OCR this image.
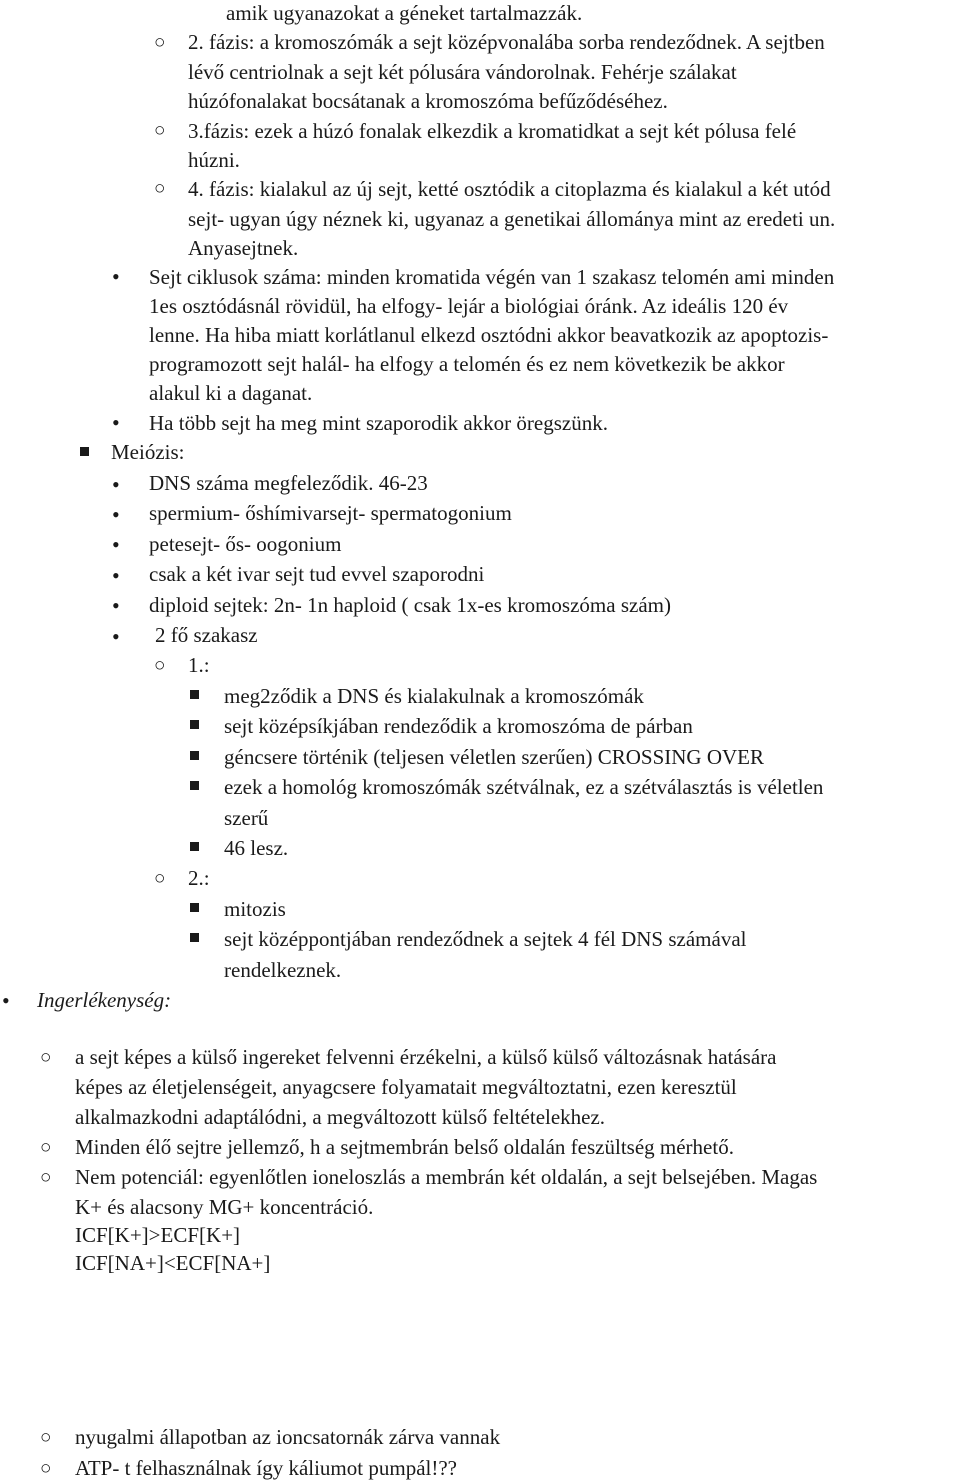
○
○
○
•
•
•
•
•
•
•
•
○
○
•
○
○
○
○
○
amik ugyanazokat a géneket tartalmazzák.
2. fázis: a kromoszómák a sejt középvonalába sorba rendeződnek. A sejtben
lévő centriolnak a sejt két pólusára vándorolnak. Fehérje szálakat
húzófonalakat bocsátanak a kromoszóma befűződéséhez.
3.fázis: ezek a húzó fonalak elkezdik a kromatidkat a sejt két pólusa felé
húzni.
4. fázis: kialakul az új sejt, ketté osztódik a citoplazma és kialakul a két utód
sejt- ugyan úgy néznek ki, ugyanaz a genetikai állománya mint az eredeti un.
Anyasejtnek.
Sejt ciklusok száma: minden kromatida végén van 1 szakasz telomén ami minden
1es osztódásnál rövidül, ha elfogy- lejár a biológiai óránk. Az ideális 120 év
lenne. Ha hiba miatt korlátlanul elkezd osztódni akkor beavatkozik az apoptozis-
programozott sejt halál- ha elfogy a telomén és ez nem következik be akkor
alakul ki a daganat.
Ha több sejt ha meg mint szaporodik akkor öregszünk.
Meiózis:
DNS száma megfeleződik. 46-23
spermium- őshímivarsejt- spermatogonium
petesejt- ős- oogonium
csak a két ivar sejt tud evvel szaporodni
diploid sejtek: 2n- 1n haploid ( csak 1x-es kromoszóma szám)
2 fő szakasz
1.:
meg2ződik a DNS és kialakulnak a kromoszómák
sejt középsíkjában rendeződik a kromoszóma de párban
géncsere történik (teljesen véletlen szerűen) CROSSING OVER
ezek a homológ kromoszómák szétválnak, ez a szétválasztás is véletlen
szerű
46 lesz.
2.:
mitozis
sejt középpontjában rendeződnek a sejtek 4 fél DNS számával
rendelkeznek.
Ingerlékenység:
a sejt képes a külső ingereket felvenni érzékelni, a külső külső változásnak hatására
képes az életjelenségeit, anyagcsere folyamatait megváltoztatni, ezen keresztül
alkalmazkodni adaptálódni, a megváltozott külső feltételekhez.
Minden élő sejtre jellemző, h a sejtmembrán belső oldalán feszültség mérhető.
Nem potenciál: egyenlőtlen ioneloszlás a membrán két oldalán, a sejt belsejében. Magas
K+ és alacsony MG+ koncentráció.
ICF[K+]>ECF[K+]
ICF[NA+]<ECF[NA+]
nyugalmi állapotban az ioncsatornák zárva vannak
ATP- t felhasználnak így káliumot pumpál!??
